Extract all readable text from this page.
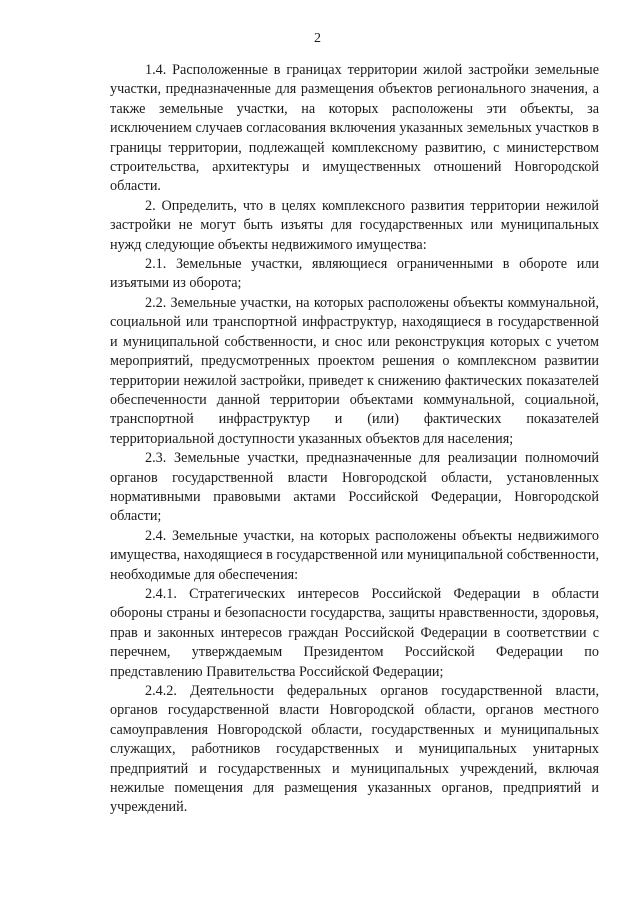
2

1.4. Расположенные в границах территории жилой застройки земельные участки, предназначенные для размещения объектов регионального значения, а также земельные участки, на которых расположены эти объекты, за исключением случаев согласования включения указанных земельных участков в границы территории, подлежащей комплексному развитию, с министерством строительства, архитектуры и имущественных отношений Новгородской области.

2. Определить, что в целях комплексного развития территории нежилой застройки не могут быть изъяты для государственных или муниципальных нужд следующие объекты недвижимого имущества:

2.1. Земельные участки, являющиеся ограниченными в обороте или изъятыми из оборота;

2.2. Земельные участки, на которых расположены объекты коммунальной, социальной или транспортной инфраструктур, находящиеся в государственной и муниципальной собственности, и снос или реконструкция которых с учетом мероприятий, предусмотренных проектом решения о комплексном развитии территории нежилой застройки, приведет к снижению фактических показателей обеспеченности данной территории объектами коммунальной, социальной, транспортной инфраструктур и (или) фактических показателей территориальной доступности указанных объектов для населения;

2.3. Земельные участки, предназначенные для реализации полномочий органов государственной власти Новгородской области, установленных нормативными правовыми актами Российской Федерации, Новгородской области;

2.4. Земельные участки, на которых расположены объекты недвижимого имущества, находящиеся в государственной или муниципальной собственности, необходимые для обеспечения:

2.4.1. Стратегических интересов Российской Федерации в области обороны страны и безопасности государства, защиты нравственности, здоровья, прав и законных интересов граждан Российской Федерации в соответствии с перечнем, утверждаемым Президентом Российской Федерации по представлению Правительства Российской Федерации;

2.4.2. Деятельности федеральных органов государственной власти, органов государственной власти Новгородской области, органов местного самоуправления Новгородской области, государственных и муниципальных служащих, работников государственных и муниципальных унитарных предприятий и государственных и муниципальных учреждений, включая нежилые помещения для размещения указанных органов, предприятий и учреждений.
